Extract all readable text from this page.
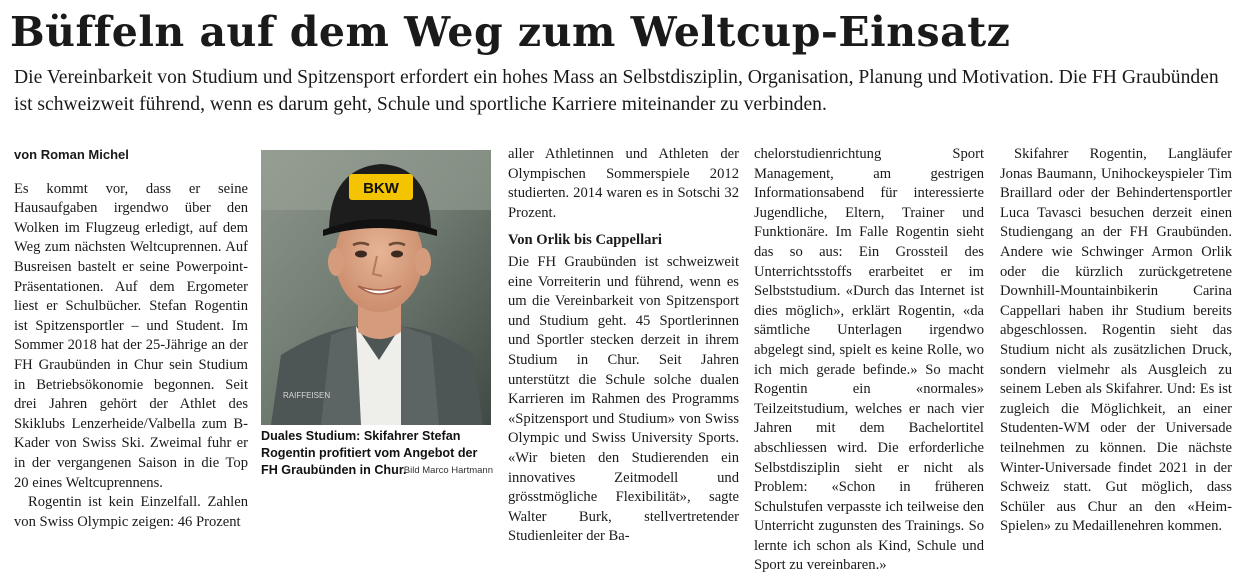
Büffeln auf dem Weg zum Weltcup-Einsatz

Die Vereinbarkeit von Studium und Spitzensport erfordert ein hohes Mass an Selbstdisziplin, Organisation, Planung und Motivation. Die FH Graubünden ist schweizweit führend, wenn es darum geht, Schule und sportliche Karriere miteinander zu verbinden.

von Roman Michel

Es kommt vor, dass er seine Hausaufgaben irgendwo über den Wolken im Flugzeug erledigt, auf dem Weg zum nächsten Weltcuprennen. Auf Busreisen bastelt er seine Powerpoint-Präsentationen. Auf dem Ergometer liest er Schulbücher. Stefan Rogentin ist Spitzensportler – und Student. Im Sommer 2018 hat der 25-Jährige an der FH Graubünden in Chur sein Studium in Betriebsökonomie begonnen. Seit drei Jahren gehört der Athlet des Skiklubs Lenzerheide/Valbella zum B-Kader von Swiss Ski. Zweimal fuhr er in der vergangenen Saison in die Top 20 eines Weltcuprennens.

Rogentin ist kein Einzelfall. Zahlen von Swiss Olympic zeigen: 46 Prozent

BKW
RAIFFEISEN
Duales Studium: Skifahrer Stefan Rogentin profitiert vom Angebot der FH Graubünden in Chur.
Bild Marco Hartmann

aller Athletinnen und Athleten der Olympischen Sommerspiele 2012 studierten. 2014 waren es in Sotschi 32 Prozent.

Von Orlik bis Cappellari

Die FH Graubünden ist schweizweit eine Vorreiterin und führend, wenn es um die Vereinbarkeit von Spitzensport und Studium geht. 45 Sportlerinnen und Sportler stecken derzeit in ihrem Studium in Chur. Seit Jahren unterstützt die Schule solche dualen Karrieren im Rahmen des Programms «Spitzensport und Studium» von Swiss Olympic und Swiss University Sports. «Wir bieten den Studierenden ein innovatives Zeitmodell und grösstmögliche Flexibilität», sagte Walter Burk, stellvertretender Studienleiter der Ba-

chelorstudienrichtung Sport Management, am gestrigen Informationsabend für interessierte Jugendliche, Eltern, Trainer und Funktionäre. Im Falle Rogentin sieht das so aus: Ein Grossteil des Unterrichtsstoffs erarbeitet er im Selbststudium. «Durch das Internet ist dies möglich», erklärt Rogentin, «da sämtliche Unterlagen irgendwo abgelegt sind, spielt es keine Rolle, wo ich mich gerade befinde.» So macht Rogentin ein «normales» Teilzeitstudium, welches er nach vier Jahren mit dem Bachelortitel abschliessen wird. Die erforderliche Selbstdisziplin sieht er nicht als Problem: «Schon in früheren Schulstufen verpasste ich teilweise den Unterricht zugunsten des Trainings. So lernte ich schon als Kind, Schule und Sport zu vereinbaren.»

Skifahrer Rogentin, Langläufer Jonas Baumann, Unihockeyspieler Tim Braillard oder der Behindertensportler Luca Tavasci besuchen derzeit einen Studiengang an der FH Graubünden. Andere wie Schwinger Armon Orlik oder die kürzlich zurückgetretene Downhill-Mountainbikerin Carina Cappellari haben ihr Studium bereits abgeschlossen. Rogentin sieht das Studium nicht als zusätzlichen Druck, sondern vielmehr als Ausgleich zu seinem Leben als Skifahrer. Und: Es ist zugleich die Möglichkeit, an einer Studenten-WM oder der Universade teilnehmen zu können. Die nächste Winter-Universade findet 2021 in der Schweiz statt. Gut möglich, dass Schüler aus Chur an den «Heim-Spielen» zu Medaillenehren kommen.
